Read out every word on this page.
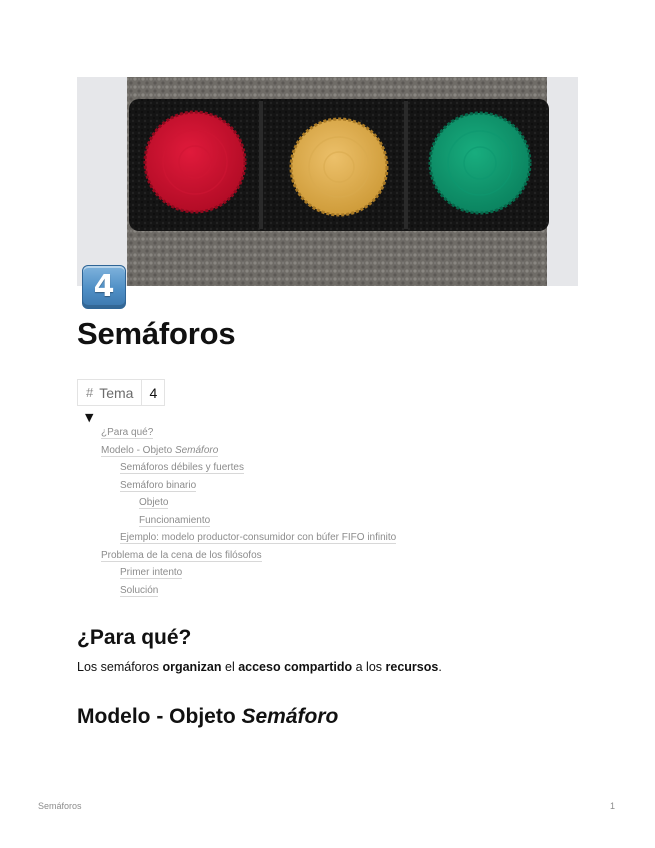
4
Semáforos
# Tema	4
▼
¿Para qué?
Modelo - Objeto Semáforo
Semáforos débiles y fuertes
Semáforo binario
Objeto
Funcionamiento
Ejemplo: modelo productor-consumidor con búfer FIFO infinito
Problema de la cena de los filósofos
Primer intento
Solución
¿Para qué?

Los semáforos organizan el acceso compartido a los recursos.

Modelo - Objeto Semáforo
Semáforos	1
